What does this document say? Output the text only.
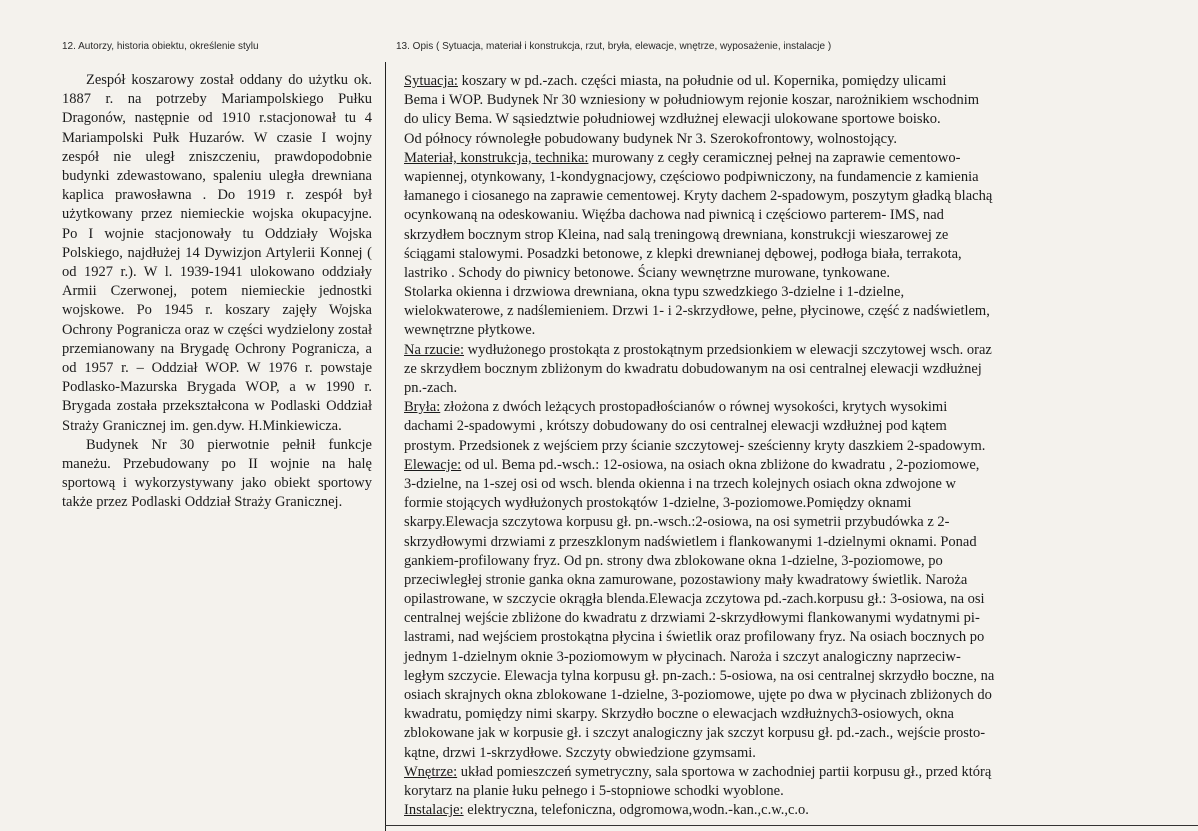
12. Autorzy, historia obiektu, określenie stylu	13. Opis ( Sytuacja, materiał i konstrukcja, rzut, bryła, elewacje, wnętrze, wyposażenie, instalacje )

Zespół koszarowy został oddany do użytku ok. 1887 r. na potrzeby Mariampolskiego Pułku Dragonów, następnie od 1910 r.stacjonował tu 4 Mariampolski Pułk Huzarów. W czasie I wojny zespół nie uległ zniszczeniu, prawdopodobnie budynki zdewastowano, spaleniu uległa drewniana kaplica prawosławna . Do 1919 r. zespół był użytkowany przez niemieckie wojska okupacyjne. Po I wojnie stacjonowały tu Oddziały Wojska Polskiego, najdłużej 14 Dywizjon Artylerii Konnej ( od 1927 r.). W l. 1939-1941 ulokowano oddziały Armii Czerwonej, potem niemieckie jednostki wojskowe. Po 1945 r. koszary zajęły Wojska Ochrony Pogranicza oraz w części wydzielony został przemianowany na Brygadę Ochrony Pogranicza, a od 1957 r. – Oddział WOP. W 1976 r. powstaje Podlasko-Mazurska Brygada WOP, a w 1990 r. Brygada została przekształcona w Podlaski Oddział Straży Granicznej im. gen.dyw. H.Minkiewicza.

Budynek Nr 30 pierwotnie pełnił funkcje maneżu. Przebudowany po II wojnie na halę sportową i wykorzystywany jako obiekt sportowy także przez Podlaski Oddział Straży Granicznej.

Sytuacja: koszary w pd.-zach. części miasta, na południe od ul. Kopernika, pomiędzy ulicami
Bema i WOP. Budynek Nr 30 wzniesiony w południowym rejonie koszar, narożnikiem wschodnim
do ulicy Bema. W sąsiedztwie południowej wzdłużnej elewacji ulokowane sportowe boisko.
Od północy równoległe pobudowany budynek Nr 3. Szerokofrontowy, wolnostojący.
Materiał, konstrukcja, technika: murowany z cegły ceramicznej pełnej na zaprawie cementowo-
wapiennej, otynkowany, 1-kondygnacjowy, częściowo podpiwniczony, na fundamencie z kamienia
łamanego i ciosanego na zaprawie cementowej. Kryty dachem 2-spadowym, poszytym gładką blachą
ocynkowaną na odeskowaniu. Więźba dachowa nad piwnicą i częściowo parterem- IMS, nad
skrzydłem bocznym strop Kleina, nad salą treningową drewniana, konstrukcji wieszarowej ze
ściągami stalowymi. Posadzki betonowe, z klepki drewnianej dębowej, podłoga biała, terrakota,
lastriko . Schody do piwnicy betonowe. Ściany wewnętrzne murowane, tynkowane.
Stolarka okienna i drzwiowa drewniana, okna typu szwedzkiego 3-dzielne i 1-dzielne,
wielokwaterowe, z nadślemieniem. Drzwi 1- i 2-skrzydłowe, pełne, płycinowe, część z nadświetlem,
wewnętrzne płytkowe.
Na rzucie: wydłużonego prostokąta z prostokątnym przedsionkiem w elewacji szczytowej wsch. oraz
ze skrzydłem bocznym zbliżonym do kwadratu dobudowanym na osi centralnej elewacji wzdłużnej
pn.-zach.
Bryła: złożona z dwóch leżących prostopadłościanów o równej wysokości, krytych wysokimi
dachami 2-spadowymi , krótszy dobudowany do osi centralnej elewacji wzdłużnej pod kątem
prostym. Przedsionek z wejściem przy ścianie szczytowej- sześcienny kryty daszkiem 2-spadowym.
Elewacje: od ul. Bema pd.-wsch.: 12-osiowa, na osiach okna zbliżone do kwadratu , 2-poziomowe,
3-dzielne, na 1-szej osi od wsch. blenda okienna i na trzech kolejnych osiach okna zdwojone w
formie stojących wydłużonych prostokątów 1-dzielne, 3-poziomowe.Pomiędzy oknami
skarpy.Elewacja szczytowa korpusu gł. pn.-wsch.:2-osiowa, na osi symetrii przybudówka z 2-
skrzydłowymi drzwiami z przeszklonym nadświetlem i flankowanymi 1-dzielnymi oknami. Ponad
gankiem-profilowany fryz. Od pn. strony dwa zblokowane okna 1-dzielne, 3-poziomowe, po
przeciwległej stronie ganka okna zamurowane, pozostawiony mały kwadratowy świetlik. Naroża
opilastrowane, w szczycie okrągła blenda.Elewacja zczytowa pd.-zach.korpusu gł.: 3-osiowa, na osi
centralnej wejście zbliżone do kwadratu z drzwiami 2-skrzydłowymi flankowanymi wydatnymi pi-
lastrami, nad wejściem prostokątna płycina i świetlik oraz profilowany fryz. Na osiach bocznych po
jednym 1-dzielnym oknie 3-poziomowym w płycinach. Naroża i szczyt analogiczny naprzeciw-
ległym szczycie. Elewacja tylna korpusu gł. pn-zach.: 5-osiowa, na osi centralnej skrzydło boczne, na
osiach skrajnych okna zblokowane 1-dzielne, 3-poziomowe, ujęte po dwa w płycinach zbliżonych do
kwadratu, pomiędzy nimi skarpy. Skrzydło boczne o elewacjach wzdłużnych3-osiowych, okna
zblokowane jak w korpusie gł. i szczyt analogiczny jak szczyt korpusu gł. pd.-zach., wejście prosto-
kątne, drzwi 1-skrzydłowe. Szczyty obwiedzione gzymsami.
Wnętrze: układ pomieszczeń symetryczny, sala sportowa w zachodniej partii korpusu gł., przed którą
korytarz na planie łuku pełnego i 5-stopniowe schodki wyoblone.
Instalacje: elektryczna, telefoniczna, odgromowa,wodn.-kan.,c.w.,c.o.
